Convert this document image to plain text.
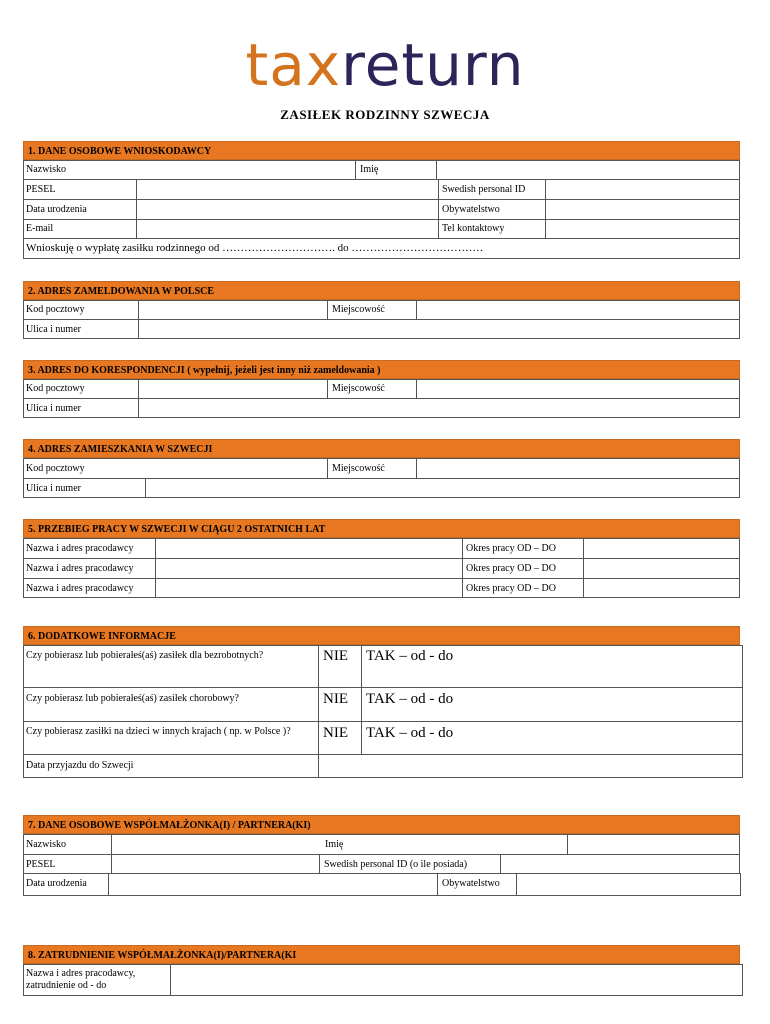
taxreturn
ZASIŁEK RODZINNY SZWECJA
1. DANE OSOBOWE WNIOSKODAWCY
Nazwisko	Imię
PESEL	Swedish personal ID
Data urodzenia	Obywatelstwo
E-mail	Tel kontaktowy
Wnioskuję o wypłatę zasiłku rodzinnego od …………………………. do ………………………………
2. ADRES ZAMELDOWANIA W POLSCE
Kod pocztowy	Miejscowość
Ulica i numer
3. ADRES DO KORESPONDENCJI ( wypełnij, jeżeli jest inny niż zameldowania )
Kod pocztowy	Miejscowość
Ulica i numer
4. ADRES ZAMIESZKANIA W SZWECJI
Kod pocztowy	Miejscowość
Ulica i numer
5. PRZEBIEG PRACY W SZWECJI W CIĄGU 2 OSTATNICH LAT
Nazwa i adres pracodawcy	Okres pracy OD – DO
Nazwa i adres pracodawcy	Okres pracy OD – DO
Nazwa i adres pracodawcy	Okres pracy OD – DO
6. DODATKOWE INFORMACJE
Czy pobierasz lub pobierałeś(aś) zasiłek dla bezrobotnych?	NIE TAK – od - do
Czy pobierasz lub pobierałeś(aś) zasiłek chorobowy?	NIE TAK – od - do
Czy pobierasz zasiłki na dzieci w innych krajach ( np. w Polsce )?	NIE TAK – od - do
Data przyjazdu do Szwecji
7. DANE OSOBOWE WSPÓŁMAŁŻONKA(I) / PARTNERA(KI)
Nazwisko	Imię
PESEL	Swedish personal ID (o ile posiada)
Data urodzenia	Obywatelstwo
8. ZATRUDNIENIE WSPÓŁMAŁŻONKA(I)/PARTNERA(KI
Nazwa i adres pracodawcy, zatrudnienie od - do
